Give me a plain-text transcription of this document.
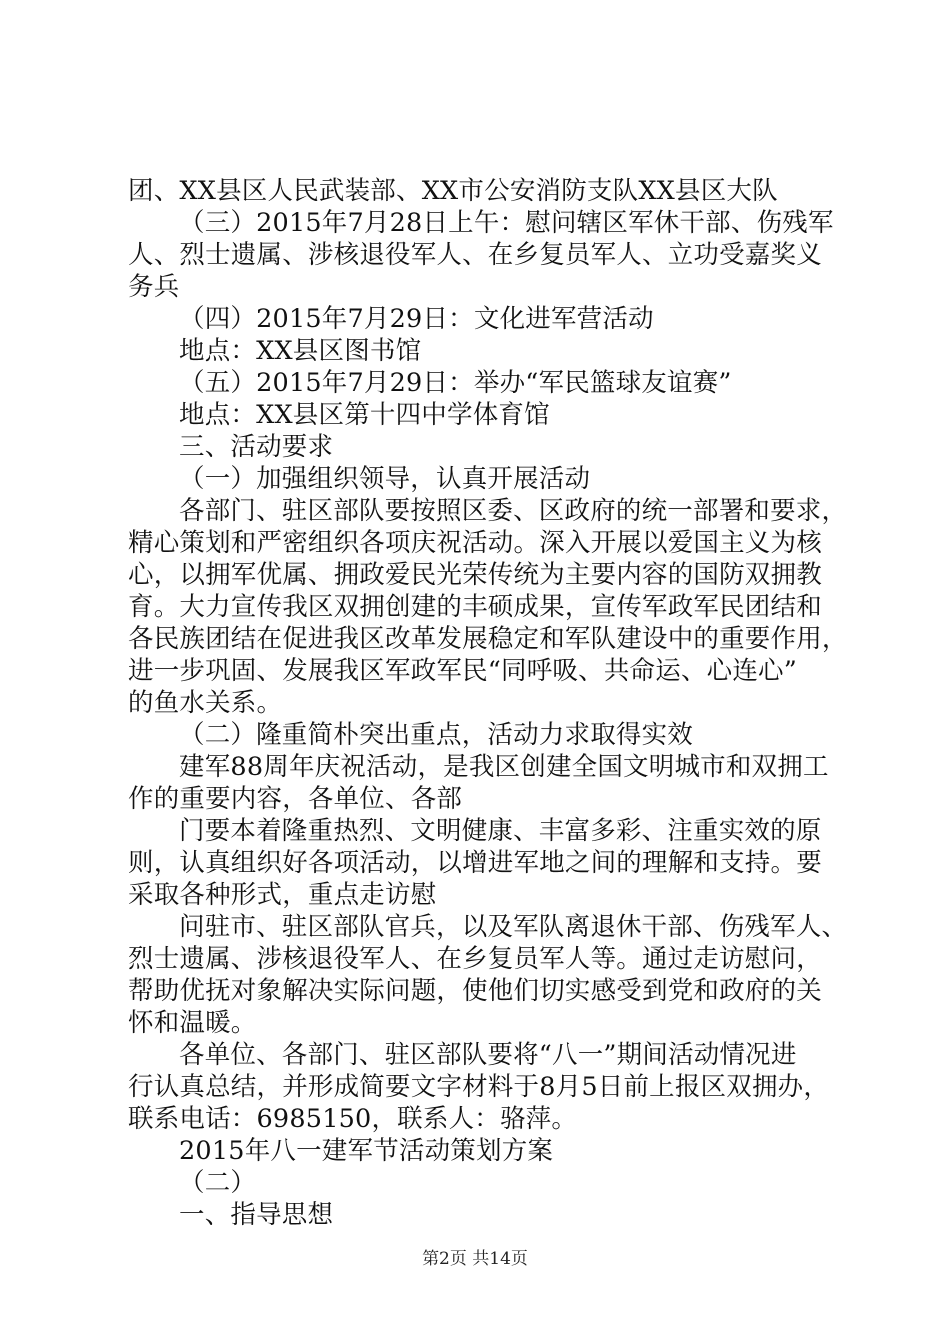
团、XX县区人民武装部、XX市公安消防支队XX县区大队
（三）2015年7月28日上午：慰问辖区军休干部、伤残军
人、烈士遗属、涉核退役军人、在乡复员军人、立功受嘉奖义
务兵
（四）2015年7月29日：文化进军营活动
地点：XX县区图书馆
（五）2015年7月29日：举办“军民篮球友谊赛”
地点：XX县区第十四中学体育馆
三、活动要求
（一）加强组织领导，认真开展活动
各部门、驻区部队要按照区委、区政府的统一部署和要求，
精心策划和严密组织各项庆祝活动。深入开展以爱国主义为核
心，以拥军优属、拥政爱民光荣传统为主要内容的国防双拥教
育。大力宣传我区双拥创建的丰硕成果，宣传军政军民团结和
各民族团结在促进我区改革发展稳定和军队建设中的重要作用，
进一步巩固、发展我区军政军民“同呼吸、共命运、心连心”
的鱼水关系。
（二）隆重简朴突出重点，活动力求取得实效
建军88周年庆祝活动，是我区创建全国文明城市和双拥工
作的重要内容，各单位、各部
门要本着隆重热烈、文明健康、丰富多彩、注重实效的原
则，认真组织好各项活动，以增进军地之间的理解和支持。要
采取各种形式，重点走访慰
问驻市、驻区部队官兵，以及军队离退休干部、伤残军人、
烈士遗属、涉核退役军人、在乡复员军人等。通过走访慰问，
帮助优抚对象解决实际问题，使他们切实感受到党和政府的关
怀和温暖。
各单位、各部门、驻区部队要将“八一”期间活动情况进
行认真总结，并形成简要文字材料于8月5日前上报区双拥办，
联系电话：6985150，联系人：骆萍。
2015年八一建军节活动策划方案
（二）
一、指导思想
第2页 共14页
